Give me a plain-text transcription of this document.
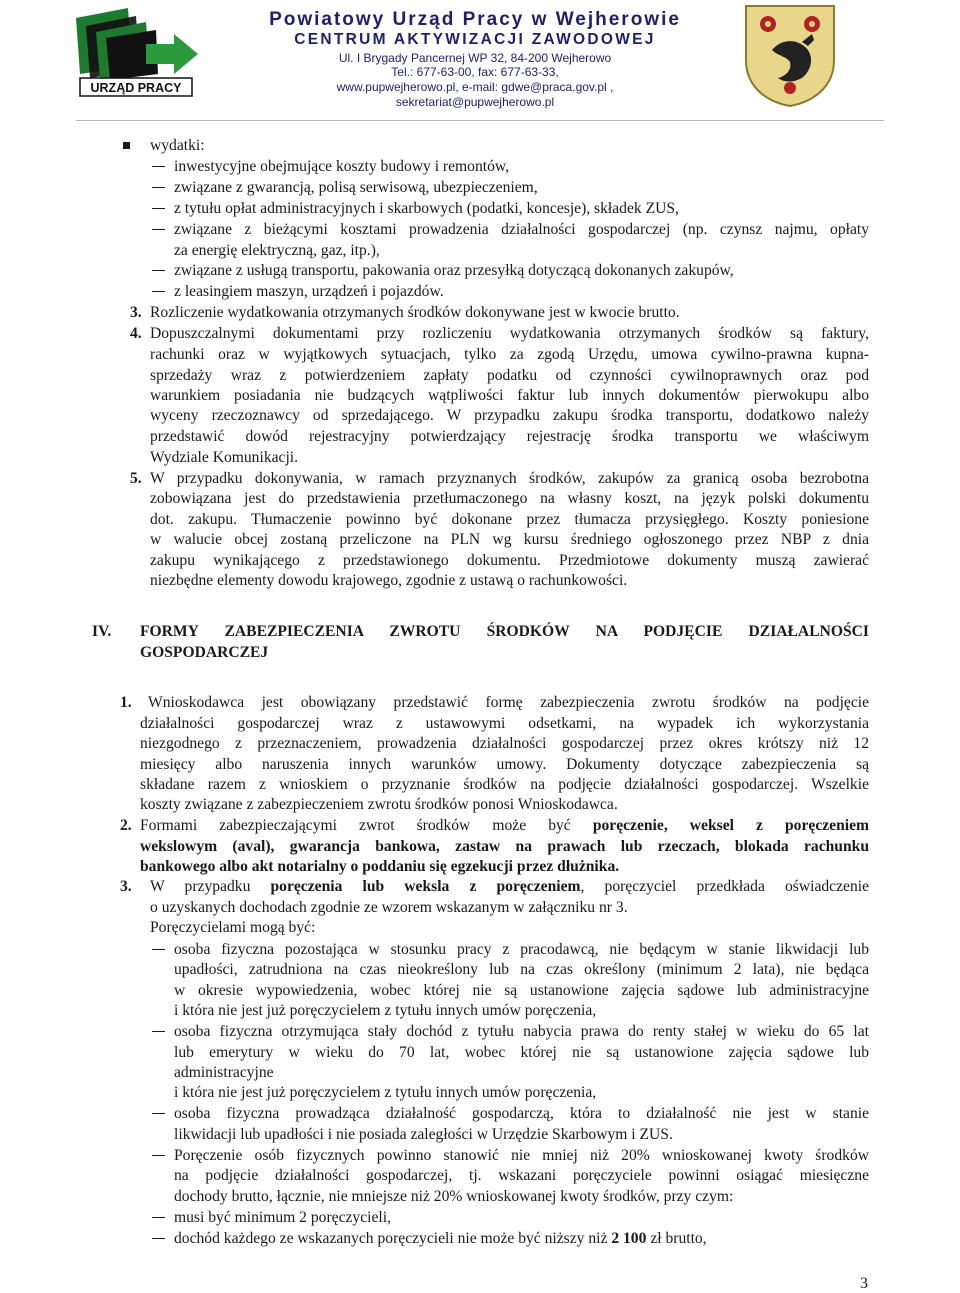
URZĄD PRACY
Powiatowy Urząd Pracy w Wejherowie
CENTRUM AKTYWIZACJI ZAWODOWEJ
Ul. I Brygady Pancernej WP 32, 84-200 Wejherowo
Tel.: 677-63-00, fax: 677-63-33,
www.pupwejherowo.pl, e-mail: gdwe@praca.gov.pl ,
sekretariat@pupwejherowo.pl
wydatki:
inwestycyjne obejmujące koszty budowy i remontów,
związane z gwarancją, polisą serwisową, ubezpieczeniem,
z tytułu opłat administracyjnych i skarbowych (podatki, koncesje), składek ZUS,
związane z bieżącymi kosztami prowadzenia działalności gospodarczej (np. czynsz najmu, opłaty
za energię elektryczną, gaz, itp.),
związane z usługą transportu, pakowania oraz przesyłką dotyczącą dokonanych zakupów,
z leasingiem maszyn, urządzeń i pojazdów.
3. Rozliczenie wydatkowania otrzymanych środków dokonywane jest w kwocie brutto.
4. Dopuszczalnymi dokumentami przy rozliczeniu wydatkowania otrzymanych środków są faktury,
rachunki oraz w wyjątkowych sytuacjach, tylko za zgodą Urzędu, umowa cywilno-prawna kupna-
sprzedaży wraz z potwierdzeniem zapłaty podatku od czynności cywilnoprawnych oraz pod
warunkiem posiadania nie budzących wątpliwości faktur lub innych dokumentów pierwokupu albo
wyceny rzeczoznawcy od sprzedającego. W przypadku zakupu środka transportu, dodatkowo należy
przedstawić dowód rejestracyjny potwierdzający rejestrację środka transportu we właściwym
Wydziale Komunikacji.
5. W przypadku dokonywania, w ramach przyznanych środków, zakupów za granicą osoba bezrobotna
zobowiązana jest do przedstawienia przetłumaczonego na własny koszt, na język polski dokumentu
dot. zakupu. Tłumaczenie powinno być dokonane przez tłumacza przysięgłego. Koszty poniesione
w walucie obcej zostaną przeliczone na PLN wg kursu średniego ogłoszonego przez NBP z dnia
zakupu wynikającego z przedstawionego dokumentu. Przedmiotowe dokumenty muszą zawierać
niezbędne elementy dowodu krajowego, zgodnie z ustawą o rachunkowości.
IV. FORMY ZABEZPIECZENIA ZWROTU ŚRODKÓW NA PODJĘCIE DZIAŁALNOŚCI
GOSPODARCZEJ
1. Wnioskodawca jest obowiązany przedstawić formę zabezpieczenia zwrotu środków na podjęcie
działalności gospodarczej wraz z ustawowymi odsetkami, na wypadek ich wykorzystania
niezgodnego z przeznaczeniem, prowadzenia działalności gospodarczej przez okres krótszy niż 12
miesięcy albo naruszenia innych warunków umowy. Dokumenty dotyczące zabezpieczenia są
składane razem z wnioskiem o przyznanie środków na podjęcie działalności gospodarczej. Wszelkie
koszty związane z zabezpieczeniem zwrotu środków ponosi Wnioskodawca.
2. Formami zabezpieczającymi zwrot środków może być poręczenie, weksel z poręczeniem
wekslowym (aval), gwarancja bankowa, zastaw na prawach lub rzeczach, blokada rachunku
bankowego albo akt notarialny o poddaniu się egzekucji przez dłużnika.
3. W przypadku poręczenia lub weksla z poręczeniem, poręczyciel przedkłada oświadczenie
o uzyskanych dochodach zgodnie ze wzorem wskazanym w załączniku nr 3.
Poręczycielami mogą być:
osoba fizyczna pozostająca w stosunku pracy z pracodawcą, nie będącym w stanie likwidacji lub
upadłości, zatrudniona na czas nieokreślony lub na czas określony (minimum 2 lata), nie będąca
w okresie wypowiedzenia, wobec której nie są ustanowione zajęcia sądowe lub administracyjne
i która nie jest już poręczycielem z tytułu innych umów poręczenia,
osoba fizyczna otrzymująca stały dochód z tytułu nabycia prawa do renty stałej w wieku do 65 lat
lub emerytury w wieku do 70 lat, wobec której nie są ustanowione zajęcia sądowe lub
administracyjne
i która nie jest już poręczycielem z tytułu innych umów poręczenia,
osoba fizyczna prowadząca działalność gospodarczą, która to działalność nie jest w stanie
likwidacji lub upadłości i nie posiada zaległości w Urzędzie Skarbowym i ZUS.
Poręczenie osób fizycznych powinno stanowić nie mniej niż 20% wnioskowanej kwoty środków
na podjęcie działalności gospodarczej, tj. wskazani poręczyciele powinni osiągać miesięczne
dochody brutto, łącznie, nie mniejsze niż 20% wnioskowanej kwoty środków, przy czym:
musi być minimum 2 poręczycieli,
dochód każdego ze wskazanych poręczycieli nie może być niższy niż 2 100 zł brutto,
3
